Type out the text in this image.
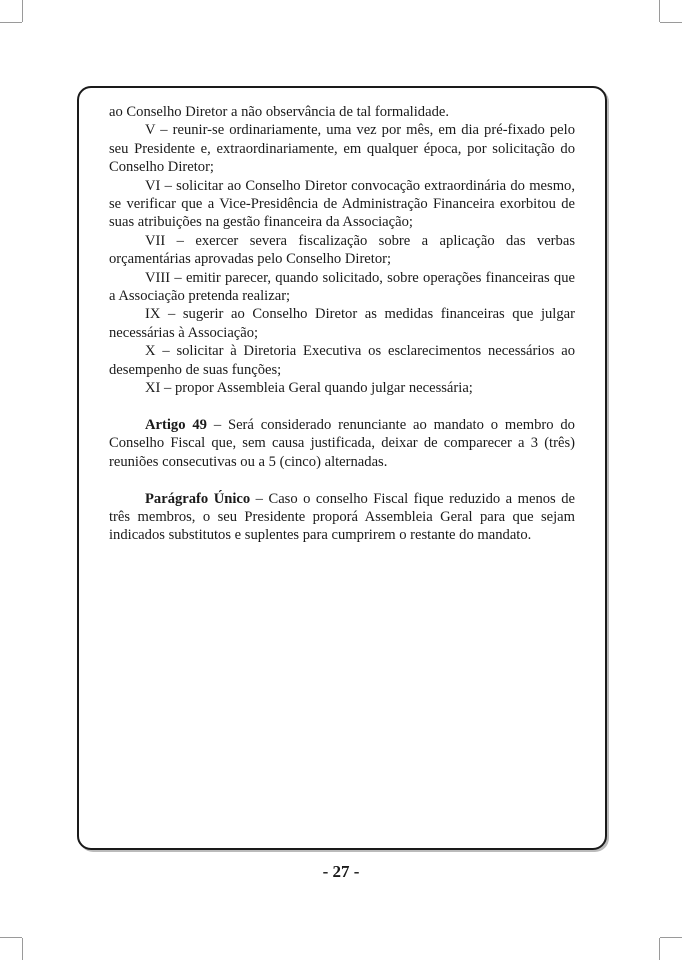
ao Conselho Diretor a não observância de tal formalidade.

V – reunir-se ordinariamente, uma vez por mês, em dia pré-fixado pelo seu Presidente e, extraordinariamente, em qualquer época, por solicitação do Conselho Diretor;

VI – solicitar ao Conselho Diretor convocação extraordinária do mesmo, se verificar que a Vice-Presidência de Administração Financeira exorbitou de suas atribuições na gestão financeira da Associação;

VII – exercer severa fiscalização sobre a aplicação das verbas orçamentárias aprovadas pelo Conselho Diretor;

VIII – emitir parecer, quando solicitado, sobre operações financeiras que a Associação pretenda realizar;

IX – sugerir ao Conselho Diretor as medidas financeiras que julgar necessárias à Associação;

X – solicitar à Diretoria Executiva os esclarecimentos necessários ao desempenho de suas funções;

XI – propor Assembleia Geral quando julgar necessária;

Artigo 49 – Será considerado renunciante ao mandato o membro do Conselho Fiscal que, sem causa justificada, deixar de comparecer a 3 (três) reuniões consecutivas ou a 5 (cinco) alternadas.

Parágrafo Único – Caso o conselho Fiscal fique reduzido a menos de três membros, o seu Presidente proporá Assembleia Geral para que sejam indicados substitutos e suplentes para cumprirem o restante do mandato.

- 27 -
